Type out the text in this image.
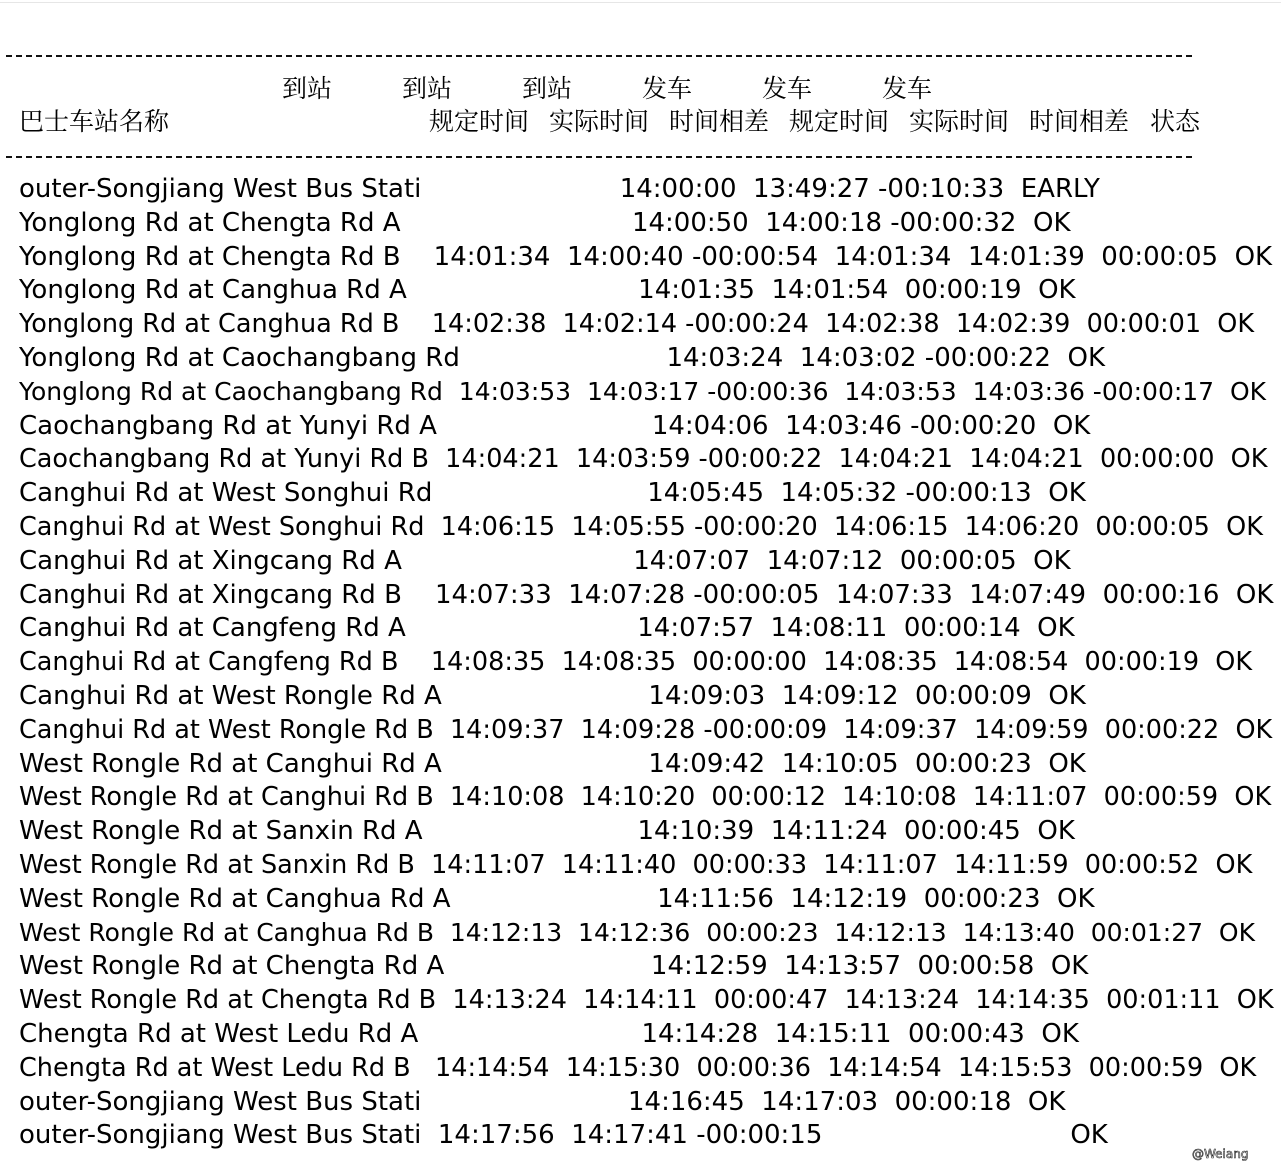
到站	到站	到站	发车	发车	发车
巴士车站名称	规定时间 实际时间 时间相差 规定时间 实际时间 时间相差 状态
outer-Songjiang West Bus Stati                        14:00:00  13:49:27 -00:10:33  EARLY
Yonglong Rd at Chengta Rd A                            14:00:50  14:00:18 -00:00:32  OK
Yonglong Rd at Chengta Rd B    14:01:34  14:00:40 -00:00:54  14:01:34  14:01:39  00:00:05  OK
Yonglong Rd at Canghua Rd A                            14:01:35  14:01:54  00:00:19  OK
Yonglong Rd at Canghua Rd B    14:02:38  14:02:14 -00:00:24  14:02:38  14:02:39  00:00:01  OK
Yonglong Rd at Caochangbang Rd                         14:03:24  14:03:02 -00:00:22  OK
Yonglong Rd at Caochangbang Rd  14:03:53  14:03:17 -00:00:36  14:03:53  14:03:36 -00:00:17  OK
Caochangbang Rd at Yunyi Rd A                          14:04:06  14:03:46 -00:00:20  OK
Caochangbang Rd at Yunyi Rd B  14:04:21  14:03:59 -00:00:22  14:04:21  14:04:21  00:00:00  OK
Canghui Rd at West Songhui Rd                          14:05:45  14:05:32 -00:00:13  OK
Canghui Rd at West Songhui Rd  14:06:15  14:05:55 -00:00:20  14:06:15  14:06:20  00:00:05  OK
Canghui Rd at Xingcang Rd A                            14:07:07  14:07:12  00:00:05  OK
Canghui Rd at Xingcang Rd B    14:07:33  14:07:28 -00:00:05  14:07:33  14:07:49  00:00:16  OK
Canghui Rd at Cangfeng Rd A                            14:07:57  14:08:11  00:00:14  OK
Canghui Rd at Cangfeng Rd B    14:08:35  14:08:35  00:00:00  14:08:35  14:08:54  00:00:19  OK
Canghui Rd at West Rongle Rd A                         14:09:03  14:09:12  00:00:09  OK
Canghui Rd at West Rongle Rd B  14:09:37  14:09:28 -00:00:09  14:09:37  14:09:59  00:00:22  OK
West Rongle Rd at Canghui Rd A                         14:09:42  14:10:05  00:00:23  OK
West Rongle Rd at Canghui Rd B  14:10:08  14:10:20  00:00:12  14:10:08  14:11:07  00:00:59  OK
West Rongle Rd at Sanxin Rd A                          14:10:39  14:11:24  00:00:45  OK
West Rongle Rd at Sanxin Rd B  14:11:07  14:11:40  00:00:33  14:11:07  14:11:59  00:00:52  OK
West Rongle Rd at Canghua Rd A                         14:11:56  14:12:19  00:00:23  OK
West Rongle Rd at Canghua Rd B  14:12:13  14:12:36  00:00:23  14:12:13  14:13:40  00:01:27  OK
West Rongle Rd at Chengta Rd A                         14:12:59  14:13:57  00:00:58  OK
West Rongle Rd at Chengta Rd B  14:13:24  14:14:11  00:00:47  14:13:24  14:14:35  00:01:11  OK
Chengta Rd at West Ledu Rd A                           14:14:28  14:15:11  00:00:43  OK
Chengta Rd at West Ledu Rd B   14:14:54  14:15:30  00:00:36  14:14:54  14:15:53  00:00:59  OK
outer-Songjiang West Bus Stati                         14:16:45  14:17:03  00:00:18  OK
outer-Songjiang West Bus Stati  14:17:56  14:17:41 -00:00:15                              OK
@Weiang
